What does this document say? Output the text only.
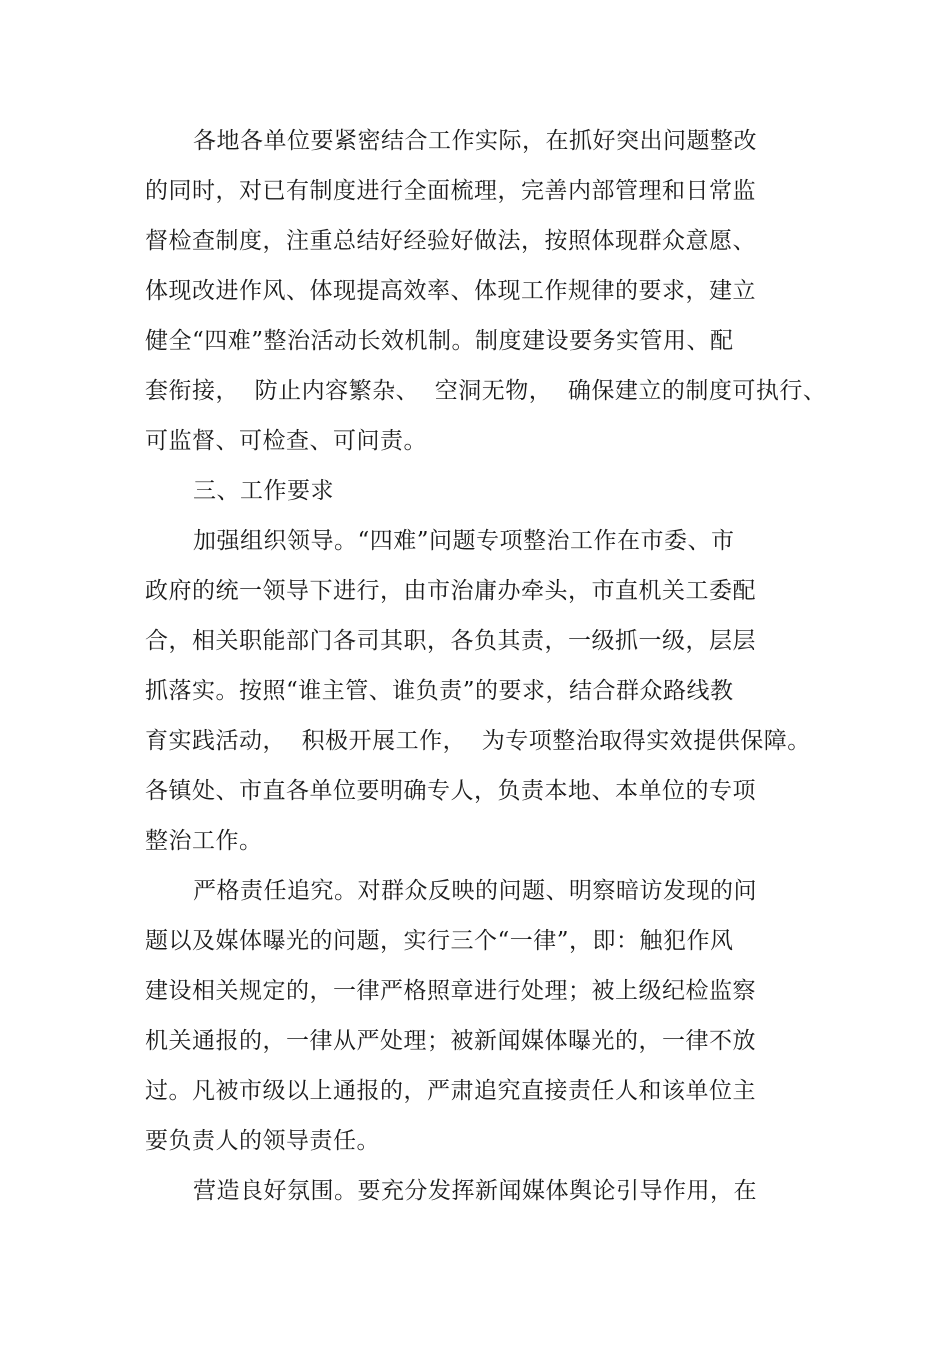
各地各单位要紧密结合工作实际，在抓好突出问题整改
的同时，对已有制度进行全面梳理，完善内部管理和日常监
督检查制度，注重总结好经验好做法，按照体现群众意愿、
体现改进作风、体现提高效率、体现工作规律的要求，建立
健全“四难”整治活动长效机制。制度建设要务实管用、配
套衔接，  防止内容繁杂、  空洞无物，  确保建立的制度可执行、
可监督、可检查、可问责。
三、工作要求
加强组织领导。“四难”问题专项整治工作在市委、市
政府的统一领导下进行，由市治庸办牵头，市直机关工委配
合，相关职能部门各司其职，各负其责，一级抓一级，层层
抓落实。按照“谁主管、谁负责”的要求，结合群众路线教
育实践活动，  积极开展工作，  为专项整治取得实效提供保障。
各镇处、市直各单位要明确专人，负责本地、本单位的专项
整治工作。
严格责任追究。对群众反映的问题、明察暗访发现的问
题以及媒体曝光的问题，实行三个“一律”，即：触犯作风
建设相关规定的，一律严格照章进行处理；被上级纪检监察
机关通报的，一律从严处理；被新闻媒体曝光的，一律不放
过。凡被市级以上通报的，严肃追究直接责任人和该单位主
要负责人的领导责任。
营造良好氛围。要充分发挥新闻媒体舆论引导作用，在
